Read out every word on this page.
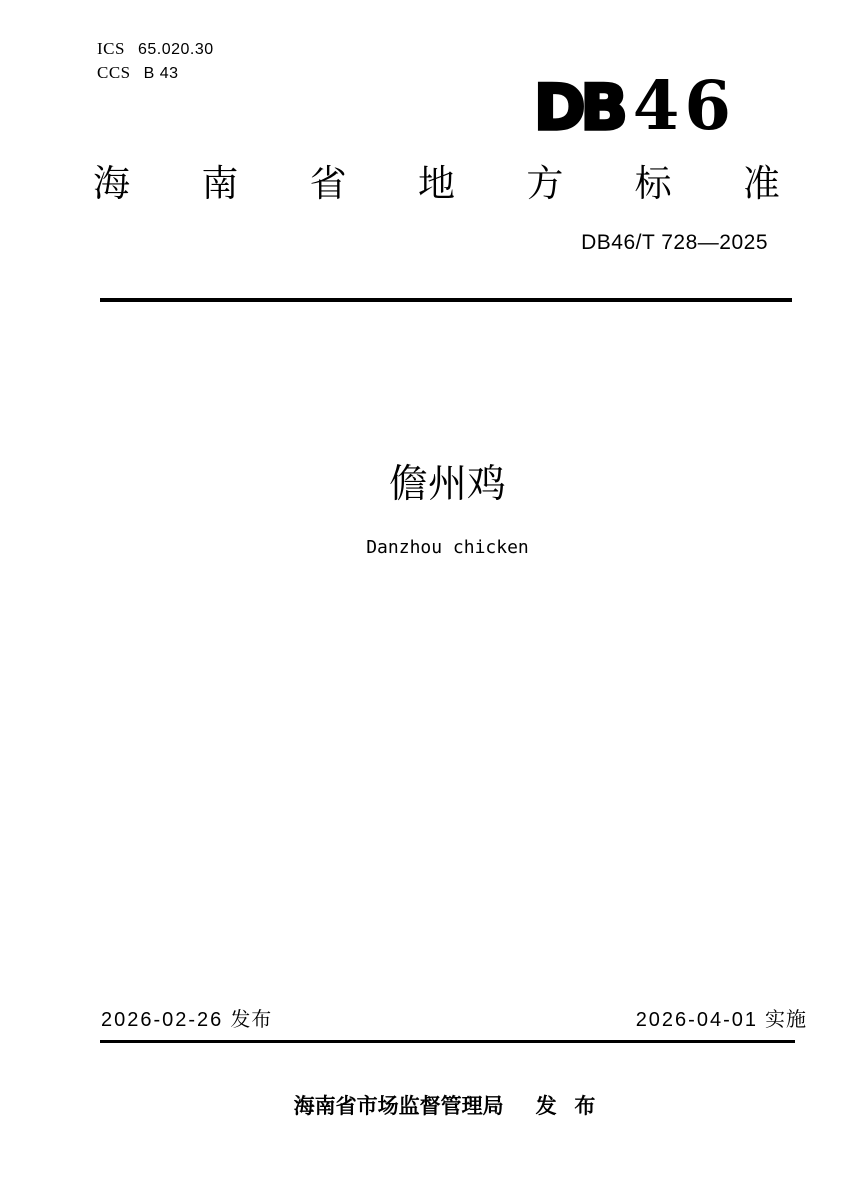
ICS 65.020.30
CCS B 43	DB 46
海 南 省 地 方 标 准
DB46/T 728—2025
儋州鸡
Danzhou chicken
2026-02-26 发布	2026-04-01 实施
海南省市场监督管理局 发 布
